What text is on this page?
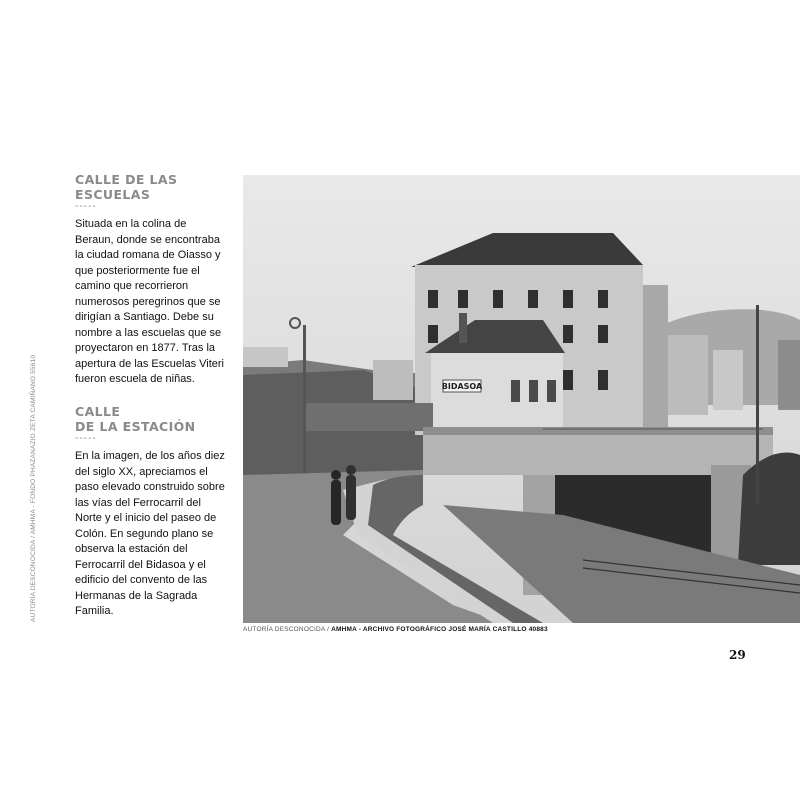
AUTORÍA DESCONOCIDA / AMHMA - FONDO PHAZANAZIO ZETA CAMIÑANO 55610
CALLE DE LAS ESCUELAS
-----
Situada en la colina de Beraun, donde se encontraba la ciudad romana de Oiasso y que posteriormente fue el camino que recorrieron numerosos peregrinos que se dirigían a Santiago. Debe su nombre a las escuelas que se proyectaron en 1877. Tras la apertura de las Escuelas Viteri fueron escuela de niñas.
CALLE
DE LA ESTACIÓN
-----
En la imagen, de los años diez del siglo XX, apreciamos el paso elevado construido sobre las vías del Ferrocarril del Norte y el inicio del paseo de Colón. En segundo plano se observa la estación del Ferrocarril del Bidasoa y el edificio del convento de las Hermanas de la Sagrada Familia.
BIDASOA
AUTORÍA DESCONOCIDA / AMHMA - ARCHIVO FOTOGRÁFICO JOSÉ MARÍA CASTILLO 40883
29
